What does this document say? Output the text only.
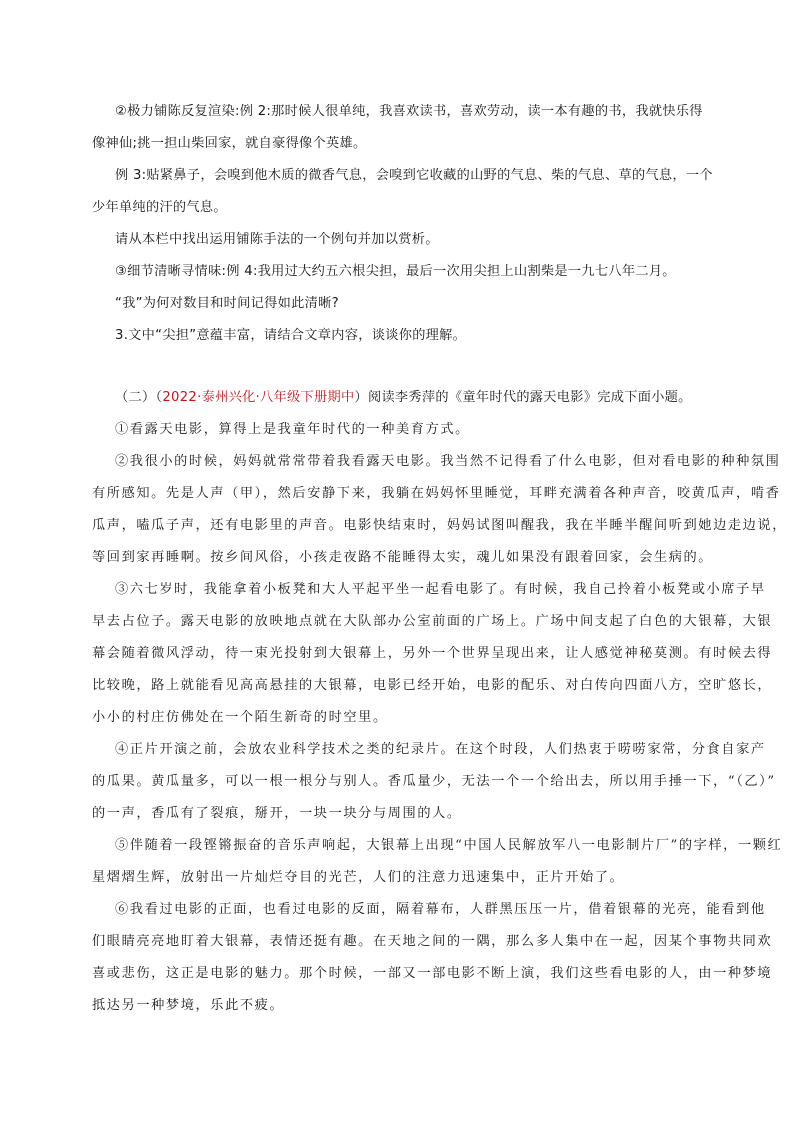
②极力铺陈反复渲染:例 2:那时候人很单纯，我喜欢读书，喜欢劳动，读一本有趣的书，我就快乐得
像神仙;挑一担山柴回家，就自豪得像个英雄。
例 3:贴紧鼻子，会嗅到他木质的微香气息，会嗅到它收藏的山野的气息、柴的气息、草的气息，一个
少年单纯的汗的气息。
请从本栏中找出运用铺陈手法的一个例句并加以赏析。
③细节清晰寻情味:例 4:我用过大约五六根尖担，最后一次用尖担上山割柴是一九七八年二月。
“我”为何对数目和时间记得如此清晰?
3.文中“尖担”意蕴丰富，请结合文章内容，谈谈你的理解。
（二）（2022·泰州兴化·八年级下册期中）阅读李秀萍的《童年时代的露天电影》完成下面小题。
①看露天电影，算得上是我童年时代的一种美育方式。
②我很小的时候，妈妈就常常带着我看露天电影。我当然不记得看了什么电影，但对看电影的种种氛围
有所感知。先是人声（甲），然后安静下来，我躺在妈妈怀里睡觉，耳畔充满着各种声音，咬黄瓜声，啃香
瓜声，嗑瓜子声，还有电影里的声音。电影快结束时，妈妈试图叫醒我，我在半睡半醒间听到她边走边说，
等回到家再睡啊。按乡间风俗，小孩走夜路不能睡得太实，魂儿如果没有跟着回家，会生病的。
③六七岁时，我能拿着小板凳和大人平起平坐一起看电影了。有时候，我自己拎着小板凳或小席子早
早去占位子。露天电影的放映地点就在大队部办公室前面的广场上。广场中间支起了白色的大银幕，大银
幕会随着微风浮动，待一束光投射到大银幕上，另外一个世界呈现出来，让人感觉神秘莫测。有时候去得
比较晚，路上就能看见高高悬挂的大银幕，电影已经开始，电影的配乐、对白传向四面八方，空旷悠长，
小小的村庄仿佛处在一个陌生新奇的时空里。
④正片开演之前，会放农业科学技术之类的纪录片。在这个时段，人们热衷于唠唠家常，分食自家产
的瓜果。黄瓜量多，可以一根一根分与别人。香瓜量少，无法一个一个给出去，所以用手捶一下，“（乙）”
的一声，香瓜有了裂痕，掰开，一块一块分与周围的人。
⑤伴随着一段铿锵振奋的音乐声响起，大银幕上出现“中国人民解放军八一电影制片厂”的字样，一颗红
星熠熠生辉，放射出一片灿烂夺目的光芒，人们的注意力迅速集中，正片开始了。
⑥我看过电影的正面，也看过电影的反面，隔着幕布，人群黑压压一片，借着银幕的光亮，能看到他
们眼睛亮亮地盯着大银幕，表情还挺有趣。在天地之间的一隅，那么多人集中在一起，因某个事物共同欢
喜或悲伤，这正是电影的魅力。那个时候，一部又一部电影不断上演，我们这些看电影的人，由一种梦境
抵达另一种梦境，乐此不疲。
